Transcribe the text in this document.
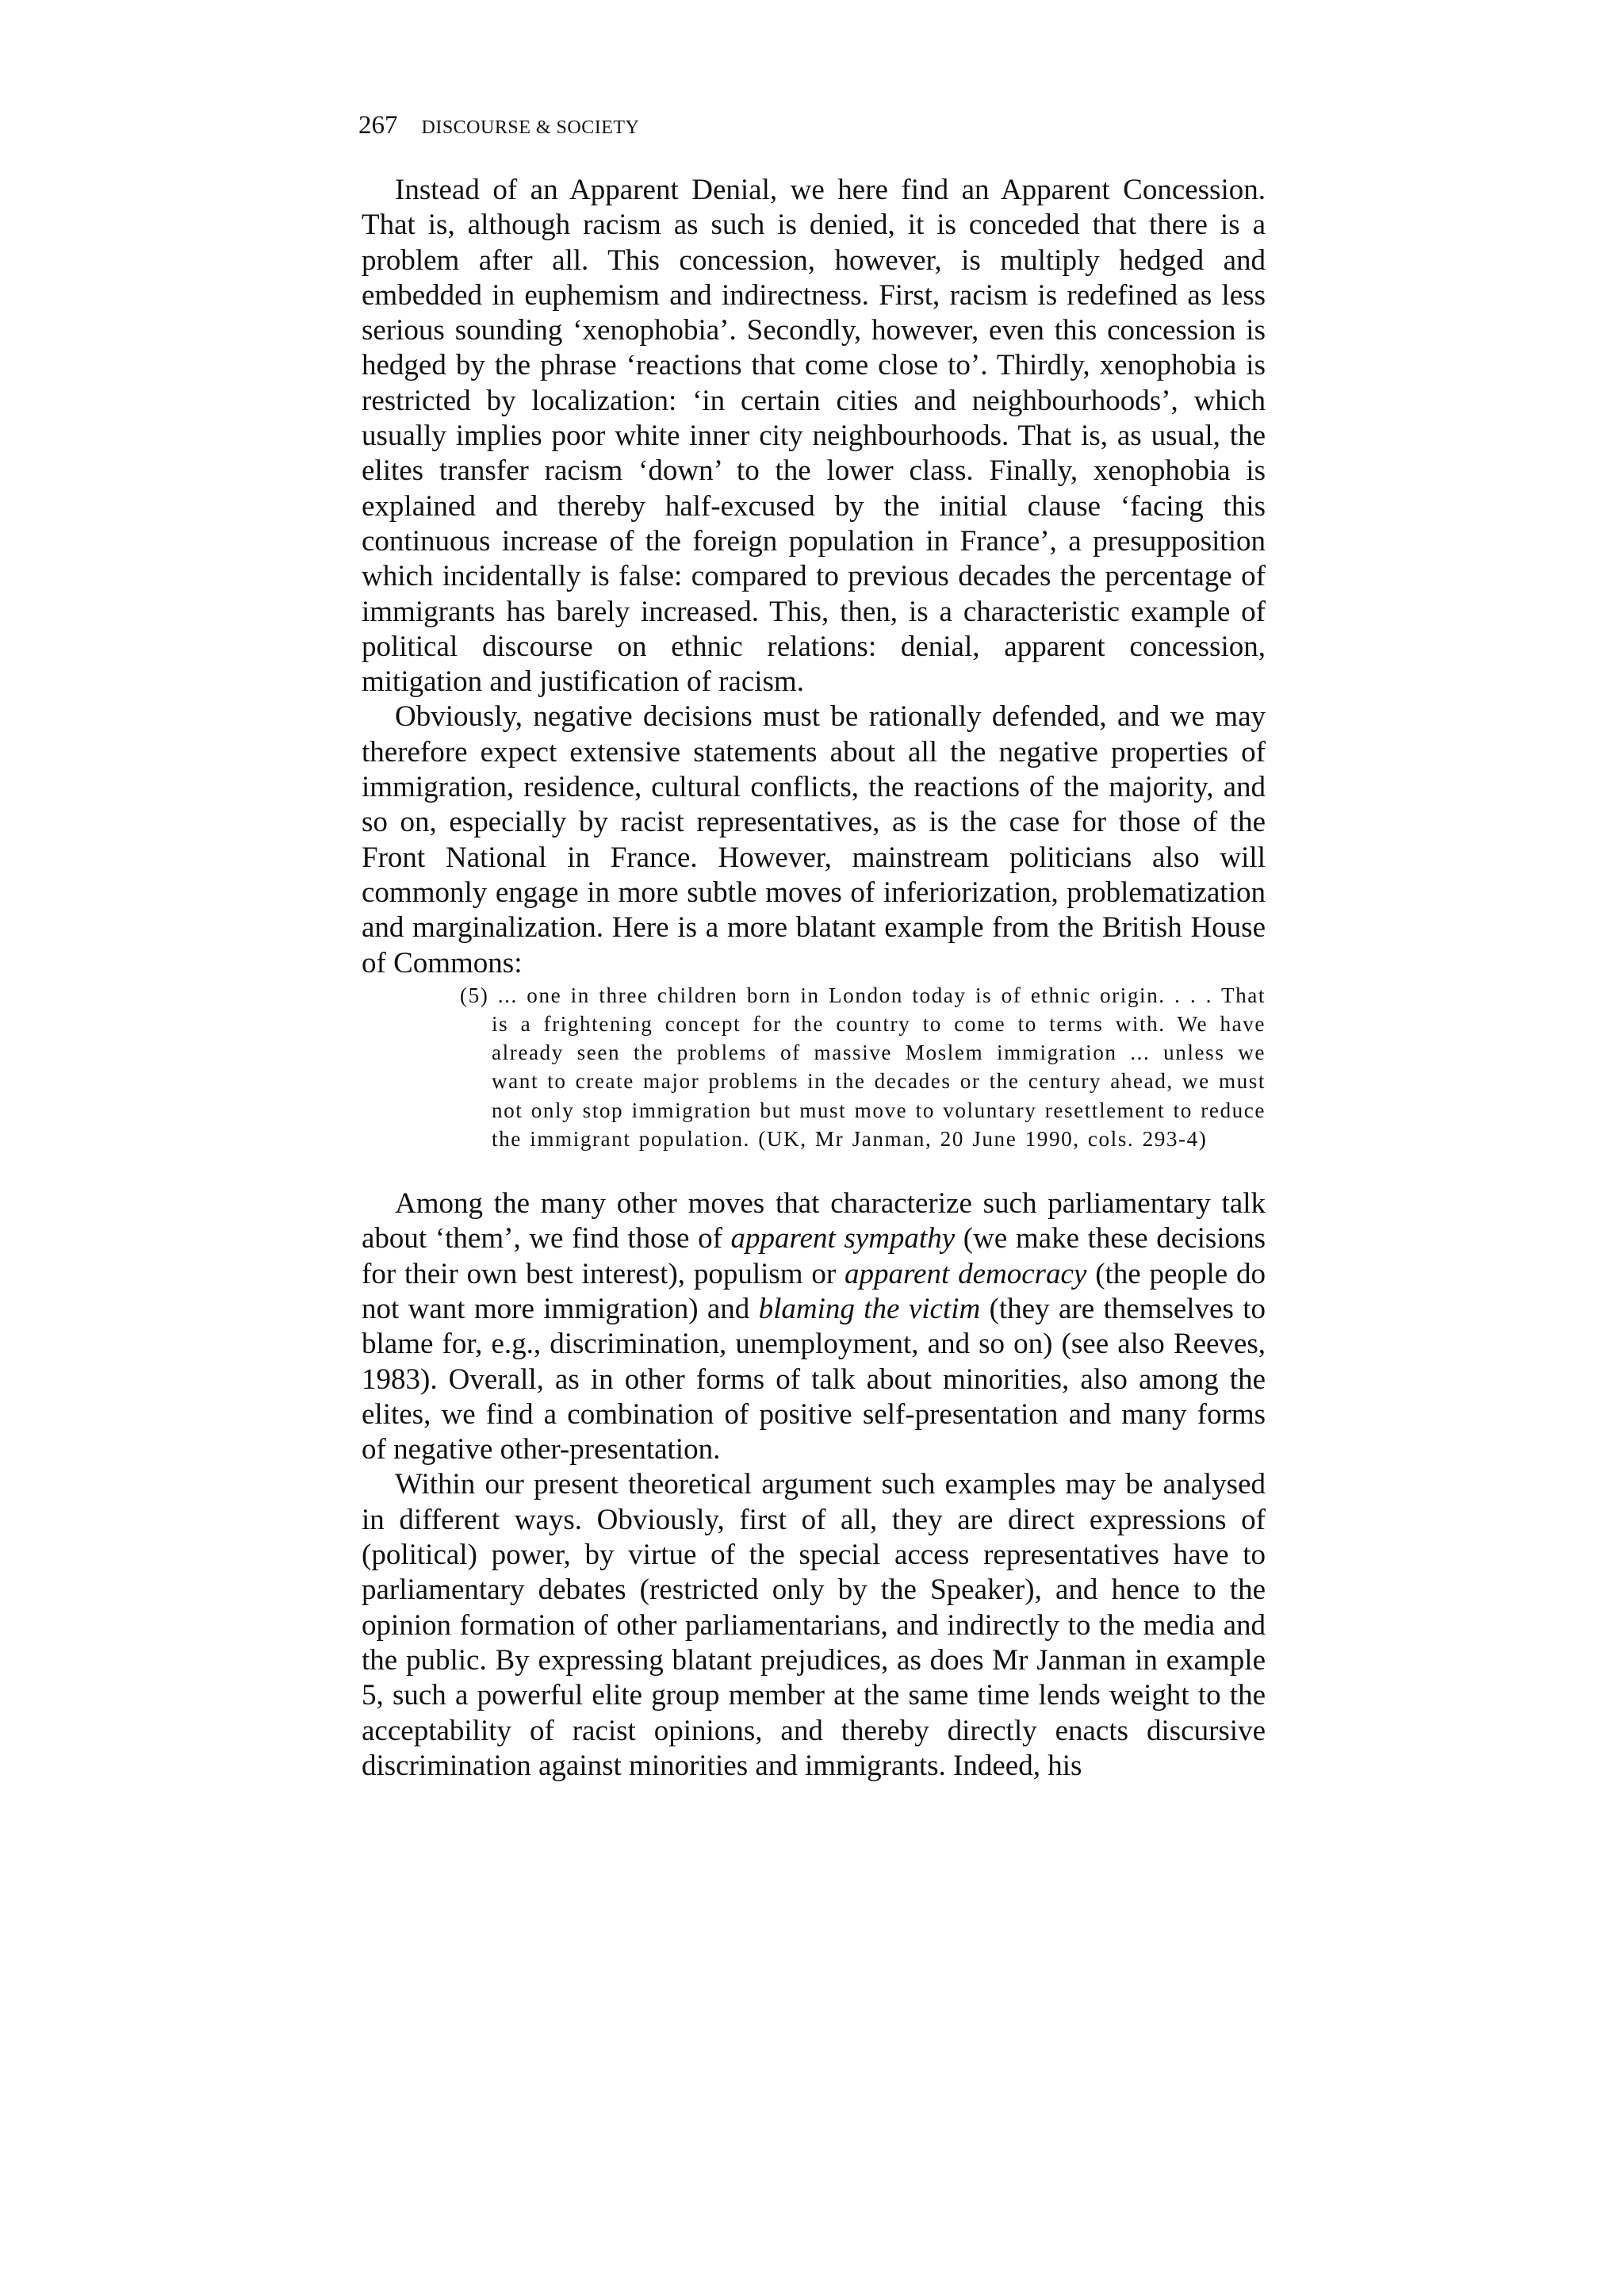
267 DISCOURSE & SOCIETY

Instead of an Apparent Denial, we here find an Apparent Concession. That is, although racism as such is denied, it is conceded that there is a problem after all. This concession, however, is multiply hedged and embedded in euphemism and indirectness. First, racism is redefined as less serious sounding ‘xenophobia’. Secondly, however, even this concession is hedged by the phrase ‘reactions that come close to’. Thirdly, xenophobia is restricted by localization: ‘in certain cities and neighbourhoods’, which usually implies poor white inner city neighbourhoods. That is, as usual, the elites transfer racism ‘down’ to the lower class. Finally, xenophobia is explained and thereby half-excused by the initial clause ‘facing this continuous increase of the foreign population in France’, a presupposition which incidentally is false: compared to previous decades the percentage of immigrants has barely increased. This, then, is a characteristic example of political discourse on ethnic relations: denial, apparent concession, mitigation and justification of racism.

Obviously, negative decisions must be rationally defended, and we may therefore expect extensive statements about all the negative properties of immigration, residence, cultural conflicts, the reactions of the majority, and so on, especially by racist representatives, as is the case for those of the Front National in France. However, mainstream politicians also will commonly engage in more subtle moves of inferiorization, problematization and marginalization. Here is a more blatant example from the British House of Commons:

(5) ... one in three children born in London today is of ethnic origin. . . . That is a frightening concept for the country to come to terms with. We have already seen the problems of massive Moslem immigration ... unless we want to create major problems in the decades or the century ahead, we must not only stop immigration but must move to voluntary resettlement to reduce the immigrant population. (UK, Mr Janman, 20 June 1990, cols. 293-4)

Among the many other moves that characterize such parliamentary talk about ‘them’, we find those of apparent sympathy (we make these decisions for their own best interest), populism or apparent democracy (the people do not want more immigration) and blaming the victim (they are themselves to blame for, e.g., discrimination, unemployment, and so on) (see also Reeves, 1983). Overall, as in other forms of talk about minorities, also among the elites, we find a combination of positive self-presentation and many forms of negative other-presentation.

Within our present theoretical argument such examples may be analysed in different ways. Obviously, first of all, they are direct expressions of (political) power, by virtue of the special access representatives have to parliamentary debates (restricted only by the Speaker), and hence to the opinion formation of other parliamentarians, and indirectly to the media and the public. By expressing blatant prejudices, as does Mr Janman in example 5, such a powerful elite group member at the same time lends weight to the acceptability of racist opinions, and thereby directly enacts discursive discrimination against minorities and immigrants. Indeed, his
